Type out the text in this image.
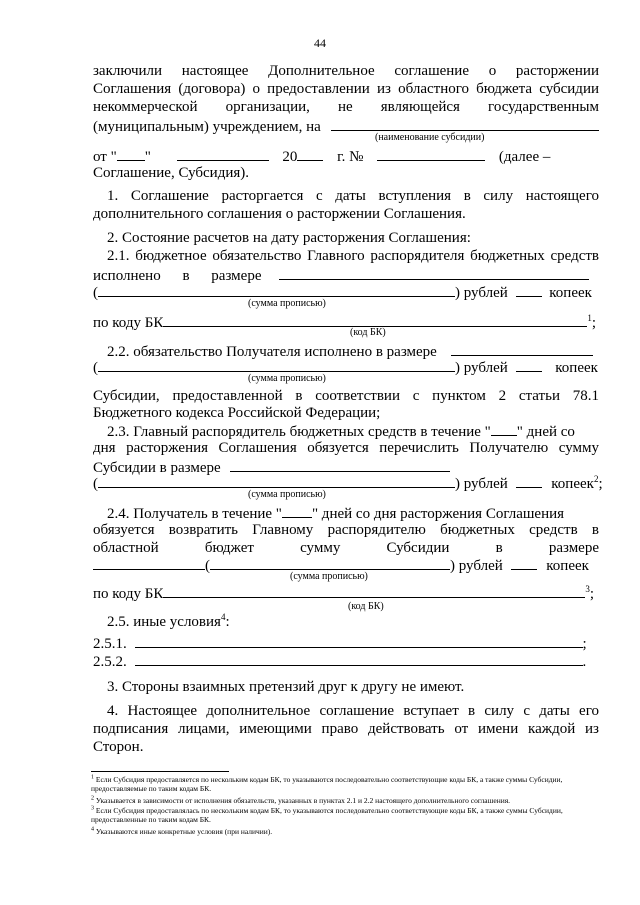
44
заключили настоящее Дополнительное соглашение о расторжении
Соглашения (договора) о предоставлении из областного бюджета субсидии
некоммерческой организации, не являющейся государственным
(муниципальным) учреждением, на
(наименование субсидии)
от " "	20	г. №	(далее –
Соглашение, Субсидия).
1. Соглашение расторгается с даты вступления в силу настоящего
дополнительного соглашения о расторжении Соглашения.
2. Состояние расчетов на дату расторжения Соглашения:
2.1. бюджетное обязательство Главного распорядителя бюджетных средств
исполнено в размере
(	) рублей	копеек
(сумма прописью)
по коду БК	$^1$;
(код БК)
2.2. обязательство Получателя исполнено в размере
(	) рублей	копеек
(сумма прописью)
Субсидии, предоставленной в соответствии с пунктом 2 статьи 78.1
Бюджетного кодекса Российской Федерации;
2.3. Главный распорядитель бюджетных средств в течение " " дней со
дня расторжения Соглашения обязуется перечислить Получателю сумму
Субсидии в размере
(	) рублей	копеек$^2$;
(сумма прописью)
2.4. Получатель в течение " " дней со дня расторжения Соглашения
обязуется возвратить Главному распорядителю бюджетных средств в
областной бюджет сумму Субсидии в размере
(	) рублей	копеек
(сумма прописью)
по коду БК	$^3$;
(код БК)
2.5. иные условия$^4$:
2.5.1.	;
2.5.2.	.
3. Стороны взаимных претензий друг к другу не имеют.
4. Настоящее дополнительное соглашение вступает в силу с даты его
подписания лицами, имеющими право действовать от имени каждой из
Сторон.
$^1$ Если Субсидия предоставляется по нескольким кодам БК, то указываются последовательно соответствующие коды БК, а также суммы Субсидии, предоставляемые по таким кодам БК.
$^2$ Указывается в зависимости от исполнения обязательств, указанных в пунктах 2.1 и 2.2 настоящего дополнительного соглашения.
$^3$ Если Субсидия предоставлялась по нескольким кодам БК, то указываются последовательно соответствующие коды БК, а также суммы Субсидии, предоставленные по таким кодам БК.
$^4$ Указываются иные конкретные условия (при наличии).
